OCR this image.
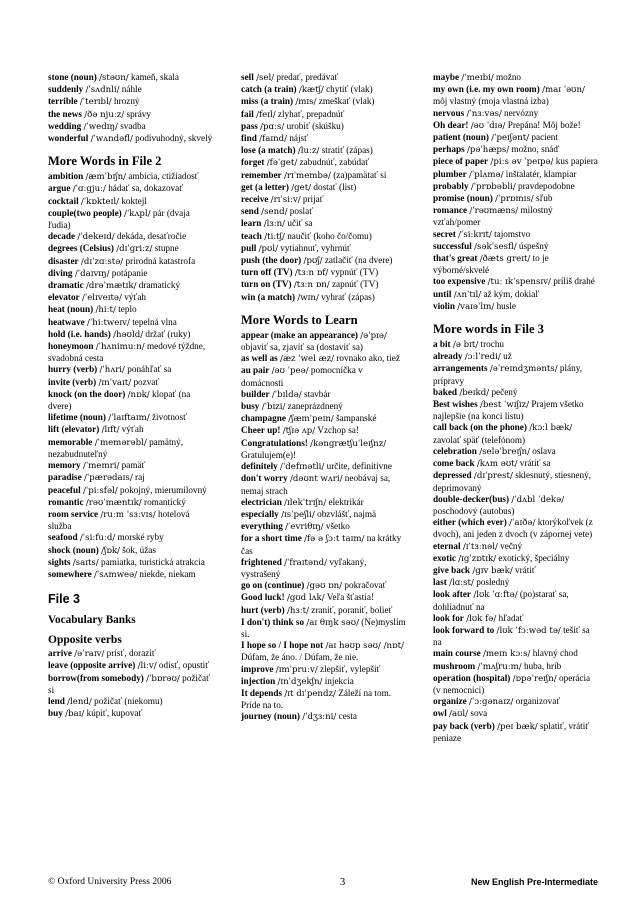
stone (noun) /stəʊn/ kameň, skala

suddenly /ˈsʌdnli/ náhle

terrible /ˈterɪbl/ hrozný

the news /ðə njuːz/ správy

wedding /ˈwedɪŋ/ svadba

wonderful /ˈwʌndəfl/ podivuhodný, skvelý

More Words in File 2

ambition /æmˈbɪʃn/ ambícia, ctižiadosť

argue /ˈɑːgjuː/ hádať sa, dokazovať

cocktail /ˈkɒkteɪl/ koktejl

couple(two people) /ˈkʌpl/ pár (dvaja ľudia)

decade /ˈdekeɪd/ dekáda, desaťročie

degrees (Celsius) /dɪˈgriːz/ stupne

disaster /dɪˈzɑːstə/ prírodná katastrofa

diving /ˈdaɪvɪŋ/ potápanie

dramatic /drəˈmætɪk/ dramatický

elevator /ˈelɪveɪtə/ výťah

heat (noun) /hiːt/ teplo

heatwave /ˈhiːtweɪv/ tepelná vlna

hold (i.e. hands) /həʊld/ držať (ruky)

honeymoon /ˈhʌnimuːn/ medové týždne, svadobná cesta

hurry (verb) /ˈhʌri/ ponáhľať sa

invite (verb) /ɪnˈvaɪt/ pozvať

knock (on the door) /nɒk/ klopať (na dvere)

lifetime (noun) /ˈlaɪftaɪm/ životnosť

lift (elevator) /lɪft/ výťah

memorable /ˈmemərəbl/ pamätný, nezabudnuteľný

memory /ˈmemri/ pamäť

paradise /ˈpærədaɪs/ raj

peaceful /ˈpiːsfəl/ pokojný, mierumilovný

romantic /rəʊˈmæntɪk/ romantický

room service /ruːm ˈsɜːvɪs/ hotelová služba

seafood /ˈsiːfuːd/ morské ryby

shock (noun) /ʃɒk/ šok, úžas

sights /saɪts/ pamiatka, turistická atrakcia

somewhere /ˈsʌmweə/ niekde, niekam

File 3
Vocabulary Banks
Opposite verbs

arrive /əˈraɪv/ prísť, doraziť

leave (opposite arrive) /liːv/ odísť, opustiť

borrow(from somebody) /ˈbɒrəʊ/ požičať si

lend /lend/ požičať (niekomu)

buy /baɪ/ kúpiť, kupovať

sell /sel/ predať, predávať

catch (a train) /kætʃ/ chytiť (vlak)

miss (a train) /mɪs/ zmeškať (vlak)

fail /feɪl/ zlyhať, prepadnúť

pass /pɑːs/ urobiť (skúšku)

find /faɪnd/ nájsť

lose (a match) /luːz/ stratiť (zápas)

forget /fəˈget/ zabudnúť, zabúdať

remember /rɪˈmembə/ (za)pamätať si

get (a letter) /get/ dostať (list)

receive /rɪˈsiːv/ prijať

send /send/ poslať

learn /lɜːn/ učiť sa

teach /tiːtʃ/ naučiť (koho čo/čomu)

pull /pʊl/ vytiahnuť, vyhrnúť

push (the door) /pʊʃ/ zatlačiť (na dvere)

turn off (TV) /tɜːn ɒf/ vypnúť (TV)

turn on (TV) /tɜːn ɒn/ zapnúť (TV)

win (a match) /wɪn/ vyhrať (zápas)

More Words to Learn

appear (make an appearance) /əˈpɪə/ objaviť sa, zjaviť sa (dostaviť sa)

as well as /æz ˈwel æz/ rovnako ako, tiež

au pair /əʊ ˈpeə/ pomocníčka v domácnosti

builder /ˈbɪldə/ stavbár

busy /ˈbɪzi/ zaneprázdnený

champagne /ʃæmˈpeɪn/ šampanské

Cheer up! /tʃɪə ʌp/ Vzchop sa!

Congratulations! /kəngrætʃuˈleɪʃnz/ Gratulujem(e)!

definitely /ˈdefɪnətli/ určite, definitívne

don't worry /dəʊnt wʌri/ neobávaj sa, nemaj strach

electrician /ɪlekˈtrɪʃn/ elektrikár

especially /ɪsˈpeʃli/ obzvlášť, najmä

everything /ˈevriθɪŋ/ všetko

for a short time /fə ə ʃɔːt taɪm/ na krátky čas

frightened /ˈfraɪtənd/ vyľakaný, vystrašený

go on (continue) /gəʊ ɒn/ pokračovať

Good luck! /gʊd lʌk/ Veľa šťastia!

hurt (verb) /hɜːt/ zraniť, poraniť, bolieť

I don't) think so /aɪ θɪŋk səʊ/ (Ne)myslím si.

I hope so / I hope not /aɪ həʊp səʊ/ /nɒt/ Dúfam, že áno. / Dúfam, že nie.

improve /ɪmˈpruːv/ zlepšiť, vylepšiť

injection /ɪnˈdʒekʃn/ injekcia

It depends /ɪt dɪˈpendz/ Záleží na tom. Príde na to.

journey (noun) /ˈdʒɜːni/ cesta

maybe /ˈmeɪbi/ možno

my own (i.e. my own room) /maɪ ˈəʊn/ môj vlastný (moja vlastná izba)

nervous /ˈnɜːvəs/ nervózny

Oh dear! /əʊ ˈdɪə/ Prepána! Môj bože!

patient (noun) /ˈpeɪʃənt/ pacient

perhaps /pəˈhæps/ možno, snáď

piece of paper /piːs əv ˈpeɪpə/ kus papiera

plumber /ˈplʌmə/ inštalatér, klampiar

probably /ˈprɒbəbli/ pravdepodobne

promise (noun) /ˈprɒmɪs/ sľub

romance /ˈrəʊmæns/ milostný vzťah/pomer

secret /ˈsiːkrɪt/ tajomstvo

successful /səkˈsesfl/ úspešný

that's great /ðæts greɪt/ to je výborné/skvelé

too expensive /tuː ɪkˈspensɪv/ príliš drahé

until /ʌnˈtɪl/ až kým, dokiaľ

violin /vaɪəˈlɪn/ husle

More words in File 3

a bit /ə bɪt/ trochu

already /ɔːlˈredi/ už

arrangements /əˈreɪndʒmənts/ plány, prípravy

baked /beɪkd/ pečený

Best wishes /best ˈwɪʃɪz/ Prajem všetko najlepšie (na konci listu)

call back (on the phone) /kɔːl bæk/ zavolať späť (telefónom)

celebration /seləˈbreɪʃn/ oslava

come back /kʌm əʊt/ vrátiť sa

depressed /dɪˈprest/ sklesnutý, stiesnený, deprimovaný

double-decker(bus) /ˈdʌbl ˈdekə/ poschodový (autobus)

either (which ever) /ˈaɪðə/ ktorýkoľvek (z dvoch), ani jeden z dvoch (v zápornej vete)

eternal /ɪˈtɜːnəl/ večný

exotic /ɪgˈzɒtɪk/ exotický, špeciálny

give back /gɪv bæk/ vrátiť

last /lɑːst/ posledný

look after /lʊk ˈɑːftə/ (po)starať sa, dohliadnuť na

look for /lʊk fə/ hľadať

look forward to /lʊk ˈfɔːwəd tə/ tešiť sa na

main course /meɪn kɔːs/ hlavný chod

mushroom /ˈmʌʃruːm/ huba, hríb

operation (hospital) /ɒpəˈreɪʃn/ operácia (v nemocnici)

organize /ˈɔːgənaɪz/ organizovať

owl /aʊl/ sova

pay back (verb) /peɪ bæk/ splatiť, vrátiť peniaze

© Oxford University Press 2006	3	New English Pre-Intermediate
